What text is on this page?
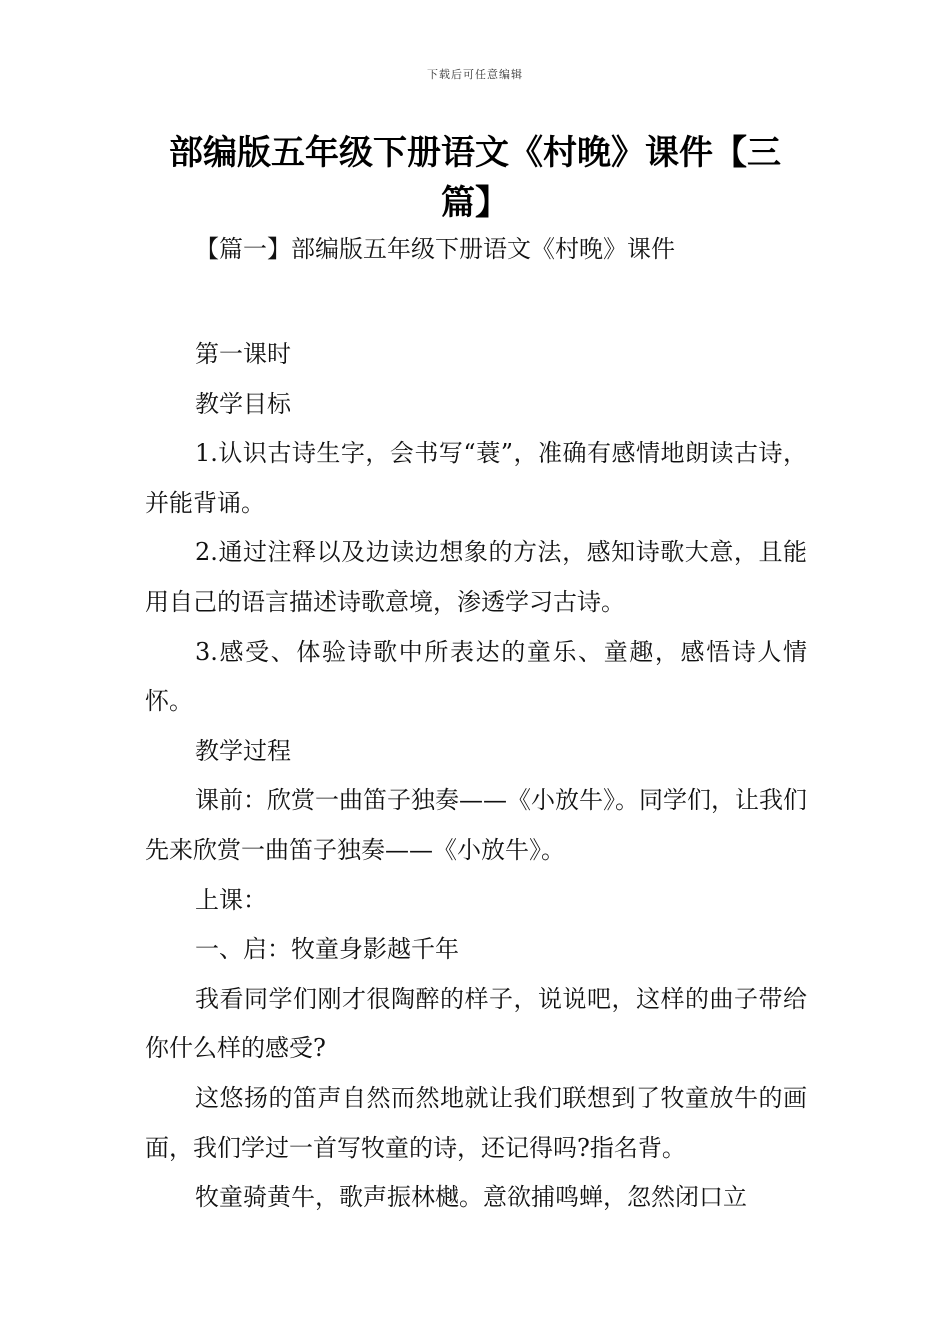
下载后可任意编辑
部编版五年级下册语文《村晚》课件【三篇】
【篇一】部编版五年级下册语文《村晚》课件

第一课时

教学目标

1.认识古诗生字，会书写“蓑”，准确有感情地朗读古诗，并能背诵。

2.通过注释以及边读边想象的方法，感知诗歌大意，且能用自己的语言描述诗歌意境，渗透学习古诗。

3.感受、体验诗歌中所表达的童乐、童趣，感悟诗人情怀。

教学过程

课前：欣赏一曲笛子独奏——《小放牛》。同学们，让我们先来欣赏一曲笛子独奏——《小放牛》。

上课：

一、启：牧童身影越千年

我看同学们刚才很陶醉的样子，说说吧，这样的曲子带给你什么样的感受?

这悠扬的笛声自然而然地就让我们联想到了牧童放牛的画面，我们学过一首写牧童的诗，还记得吗?指名背。

牧童骑黄牛，歌声振林樾。意欲捕鸣蝉，忽然闭口立
